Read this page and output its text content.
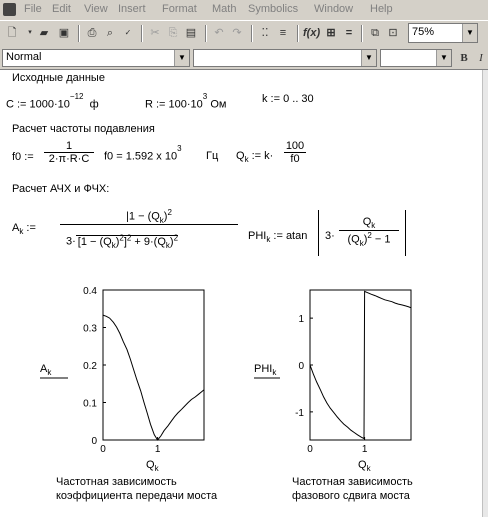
File Edit View Insert Format Math Symbolics Window Help
🗋	▾ ▰ ▣	⎙ ⌕	✓	✂ ⎘ ▤	↶ ↷	⁚⁚	≡	f(x) ⊞ =	⧉ ⊡	75%	▼
Normal	▼	▼	▼	B	I
Исходные данные
C := $1000\cdot 10^{-12}$  ф	R := $100\cdot 10^3$ Ом	k := 0 .. 30
Расчет частоты подавления
f0 := $\frac{1}{2\cdot\pi\cdot R\cdot C} f0 = 1.592$ x $10^3$
Гц $Q_k$ := $k\cdot \frac{100}{f0}$
Расчет АЧХ и ФЧХ:
$A_k$ :=
$|1 - (Q_k)^2$
$3\cdot [1 - (Q_k)^2]^2 + 9\cdot(Q_k)^2$	$PHI_k$ := atan $3\cdot \frac{Q_k}{(Q_k)^2 - 1}$
0.4
0.3
0.2
0.1
0
0	1
$A_k$
$Q_k$
Частотная зависимость
коэффициента передачи моста
1
0
-1
0	1
$PHI_k$
$Q_k$
Частотная зависимость
фазового сдвига моста
